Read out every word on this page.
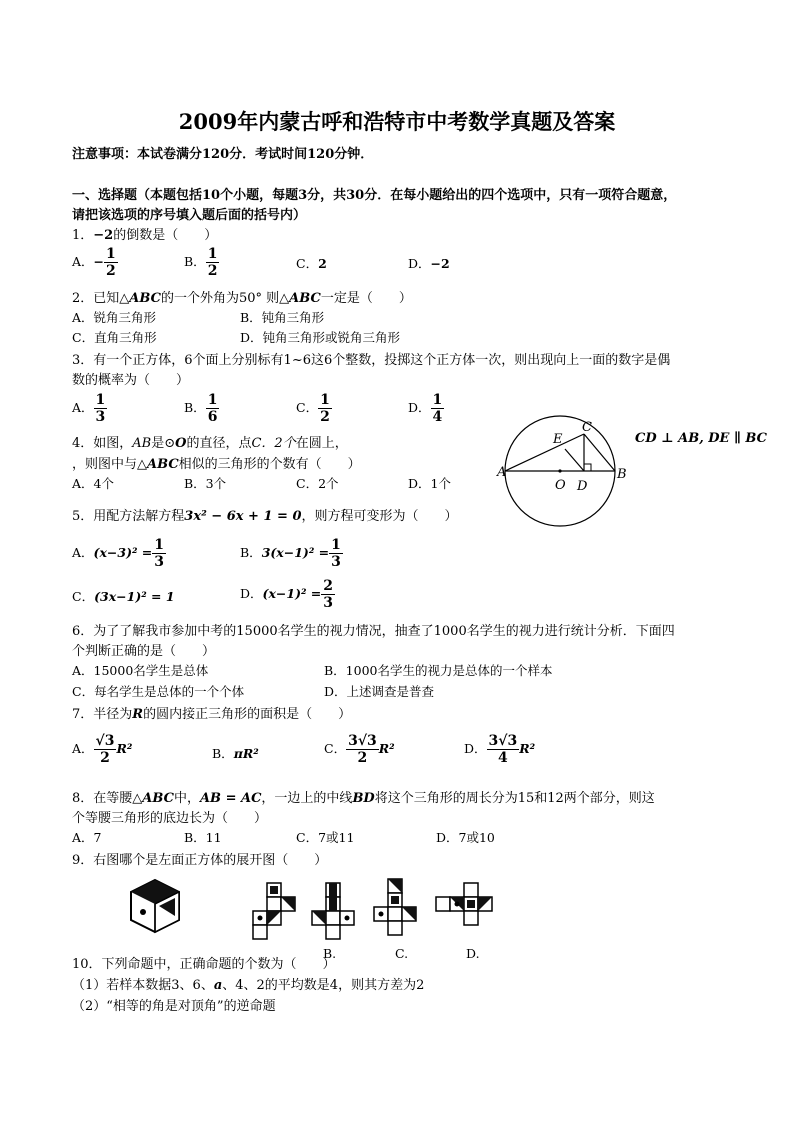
2009年内蒙古呼和浩特市中考数学真题及答案
注意事项：本试卷满分120分．考试时间120分钟．
一、选择题（本题包括10个小题，每题3分，共30分．在每小题给出的四个选项中，只有一项符合题意，
请把该选项的序号填入题后面的括号内）
1．−2的倒数是（　　）
A．− $\frac{1}{2}$	B． $\frac{1}{2}$	C．2	D．−2
2．已知△ABC的一个外角为50° 则△ABC一定是（　　）
A．锐角三角形	B．钝角三角形
C．直角三角形	D．钝角三角形或锐角三角形
3．有一个正方体，6个面上分别标有1~6这6个整数，投掷这个正方体一次，则出现向上一面的数字是偶
数的概率为（　　）
A． $\frac{1}{3}$	B． $\frac{1}{6}$	C． $\frac{1}{2}$	D． $\frac{1}{4}$
4．如图，AB是⊙O的直径，点C．2个在圆上，	CD ⊥ AB, DE ∥ BC
，则图中与△ABC相似的三角形的个数有（　　）
A．4个	B．3个	C．2个	D．1个
A	B
C
D
E
O
5．用配方法解方程3x² − 6x + 1 = 0，则方程可变形为（　　）
A．$(x-3)^2 = \frac{1}{3}$	B．$3(x-1)^2 = \frac{1}{3}$
C．(3x−1)² = 1	D．$(x-1)^2 = \frac{2}{3}$
6．为了了解我市参加中考的15000名学生的视力情况，抽查了1000名学生的视力进行统计分析．下面四
个判断正确的是（　　）
A．15000名学生是总体	B．1000名学生的视力是总体的一个样本
C．每名学生是总体的一个个体	D．上述调查是普查
7．半径为R的圆内接正三角形的面积是（　　）
A． $\frac{√3}{2} R^2$	B．πR²	C． $\frac{3√3}{2} R^2$	D． $\frac{3√3}{4} R^2$
8．在等腰△ABC中，AB = AC，一边上的中线BD将这个三角形的周长分为15和12两个部分，则这
个等腰三角形的底边长为（　　）
A．7	B．11	C．7或11	D．7或10
9．右图哪个是左面正方体的展开图（　　）
B.	C.	D.
10．下列命题中，正确命题的个数为（　　）
（1）若样本数据3、6、a、4、2的平均数是4，则其方差为2
（2）“相等的角是对顶角”的逆命题
